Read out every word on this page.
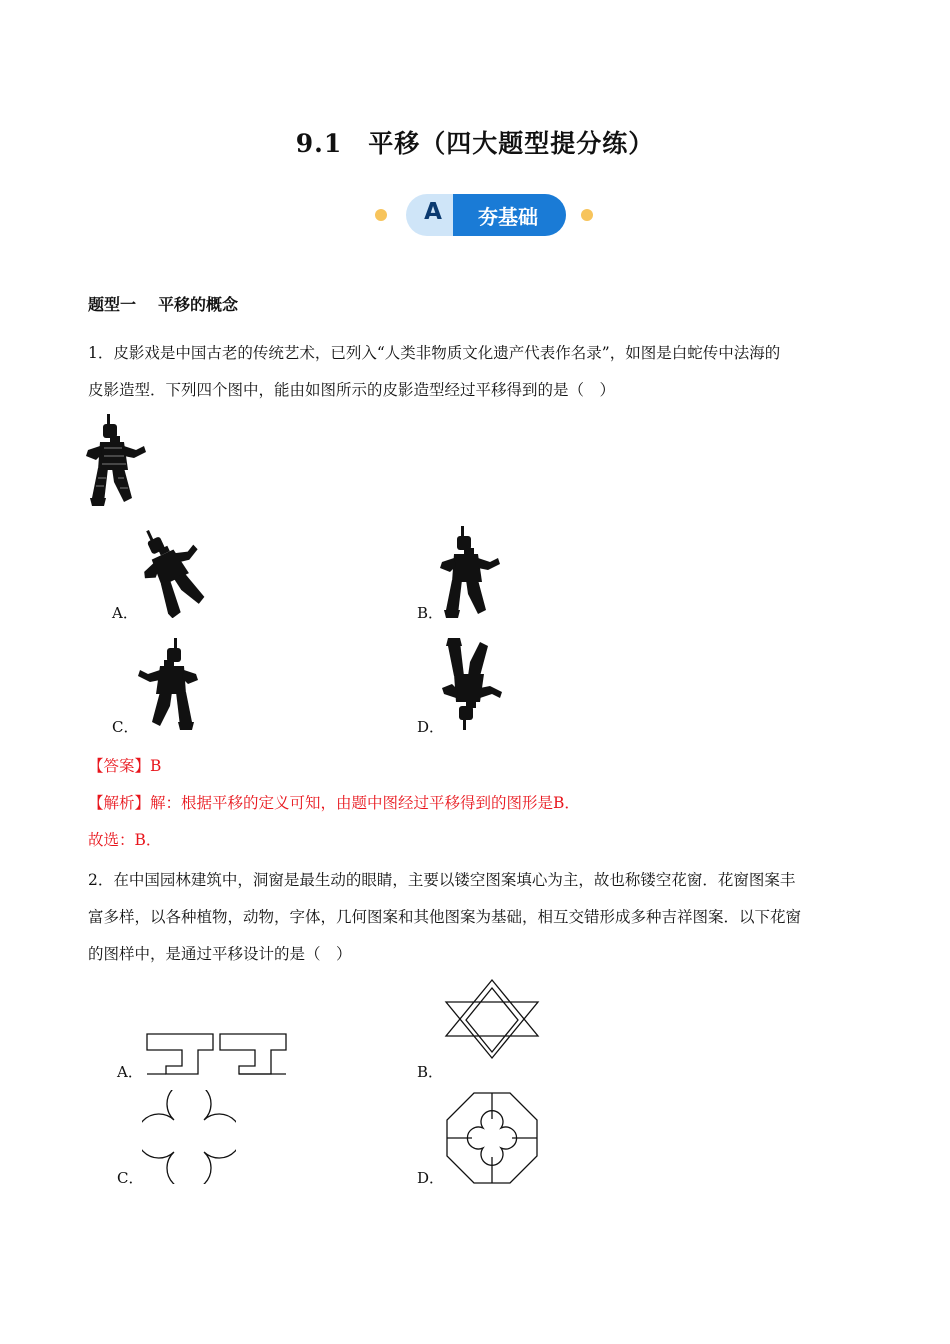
9.1 平移（四大题型提分练）
A	夯基础
题型一 平移的概念
1．皮影戏是中国古老的传统艺术，已列入“人类非物质文化遗产代表作名录”，如图是白蛇传中法海的
皮影造型．下列四个图中，能由如图所示的皮影造型经过平移得到的是（　）
A．	B．
C．	D．
【答案】B
【解析】解：根据平移的定义可知，由题中图经过平移得到的图形是B．
故选：B．
2．在中国园林建筑中，洞窗是最生动的眼睛，主要以镂空图案填心为主，故也称镂空花窗．花窗图案丰
富多样，以各种植物，动物，字体，几何图案和其他图案为基础，相互交错形成多种吉祥图案．以下花窗
的图样中，是通过平移设计的是（　）
A．	B．
C．	D．
